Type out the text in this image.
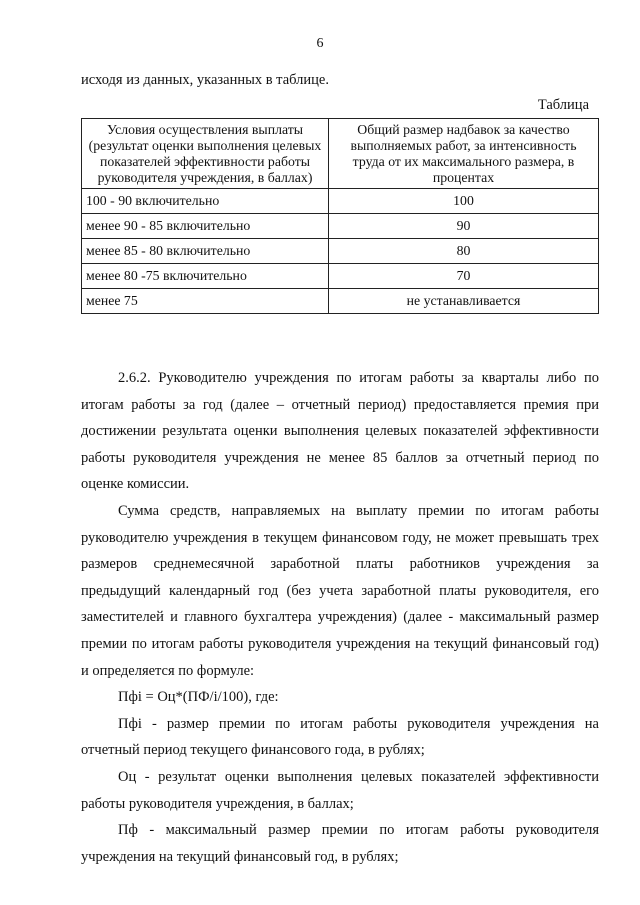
6
исходя из данных, указанных в таблице.
Таблица
Условия осуществления выплаты (результат оценки выполнения целевых показателей эффективности работы руководителя учреждения, в баллах)	Общий размер надбавок за качество выполняемых работ, за интенсивность труда от их максимального размера, в процентах
100 - 90 включительно	100
менее 90 - 85 включительно	90
менее 85 - 80 включительно	80
менее 80 -75 включительно	70
менее 75	не устанавливается

2.6.2. Руководителю учреждения по итогам работы за кварталы либо по итогам работы за год (далее – отчетный период) предоставляется премия при достижении результата оценки выполнения целевых показателей эффективности работы руководителя учреждения не менее 85 баллов за отчетный период по оценке комиссии.

Сумма средств, направляемых на выплату премии по итогам работы руководителю учреждения в текущем финансовом году, не может превышать трех размеров среднемесячной заработной платы работников учреждения за предыдущий календарный год (без учета заработной платы руководителя, его заместителей и главного бухгалтера учреждения) (далее - максимальный размер премии по итогам работы руководителя учреждения на текущий финансовый год) и определяется по формуле:

Пфi = Оц*(ПФ/i/100), где:

Пфi - размер премии по итогам работы руководителя учреждения на отчетный период текущего финансового года, в рублях;

Оц - результат оценки выполнения целевых показателей эффективности работы руководителя учреждения, в баллах;

Пф - максимальный размер премии по итогам работы руководителя учреждения на текущий финансовый год, в рублях;
